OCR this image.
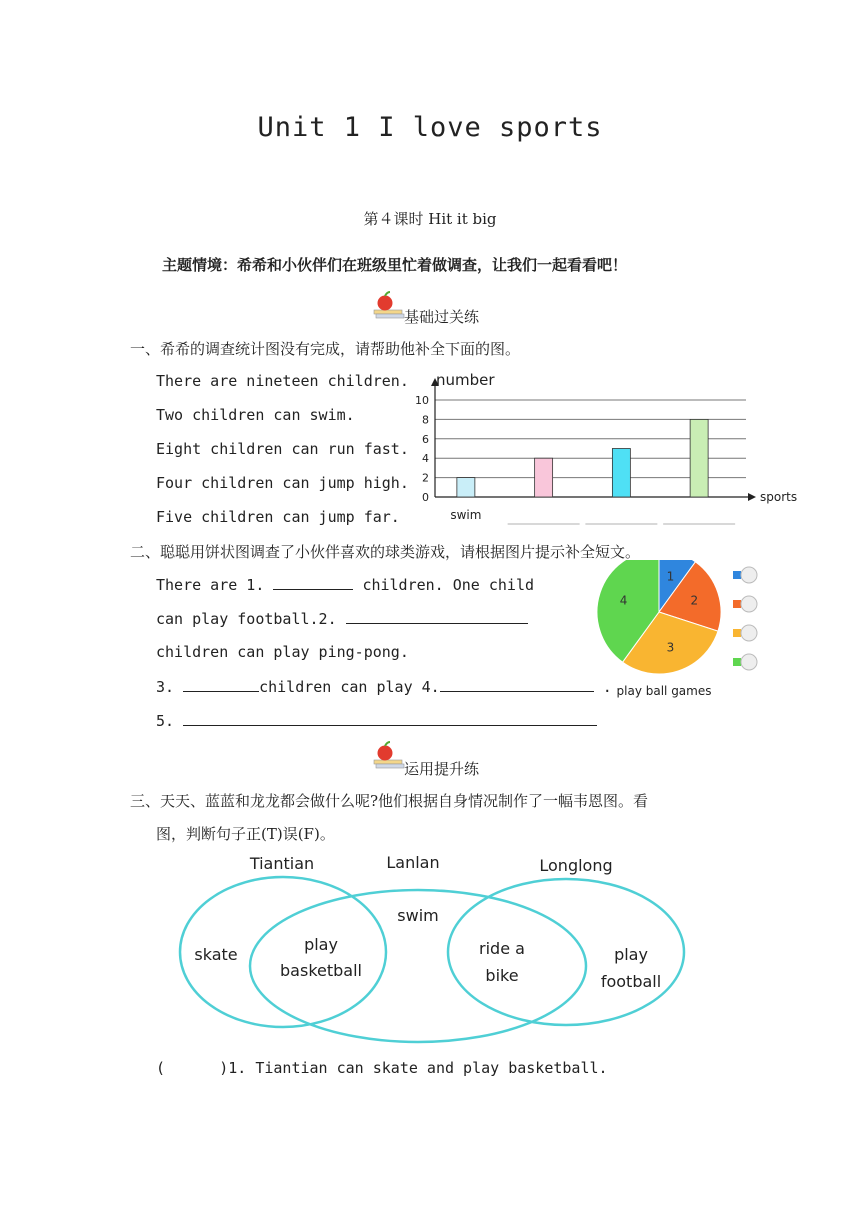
Unit 1 I love sports
第４课时 Hit it big
主题情境：希希和小伙伴们在班级里忙着做调查，让我们一起看看吧！
基础过关练
一、希希的调查统计图没有完成，请帮助他补全下面的图。
There are nineteen children.
Two children can swim.
Eight children can run fast.
Four children can jump high.
Five children can jump far.
0
2
4
6
8
10
number
sports
swim
二、聪聪用饼状图调查了小伙伴喜欢的球类游戏，请根据图片提示补全短文。
There are 1.	children. One child
can play football.2.
children can play ping-pong.
3.	children can play 4.	.
5.
1
2
3
4
play ball games
运用提升练
三、天天、蓝蓝和龙龙都会做什么呢?他们根据自身情况制作了一幅韦恩图。看
图，判断句子正(T)误(F)。
Tiantian	Lanlan	Longlong
skate
play
basketball
swim
ride a
bike
play
football
(      )1. Tiantian can skate and play basketball.
